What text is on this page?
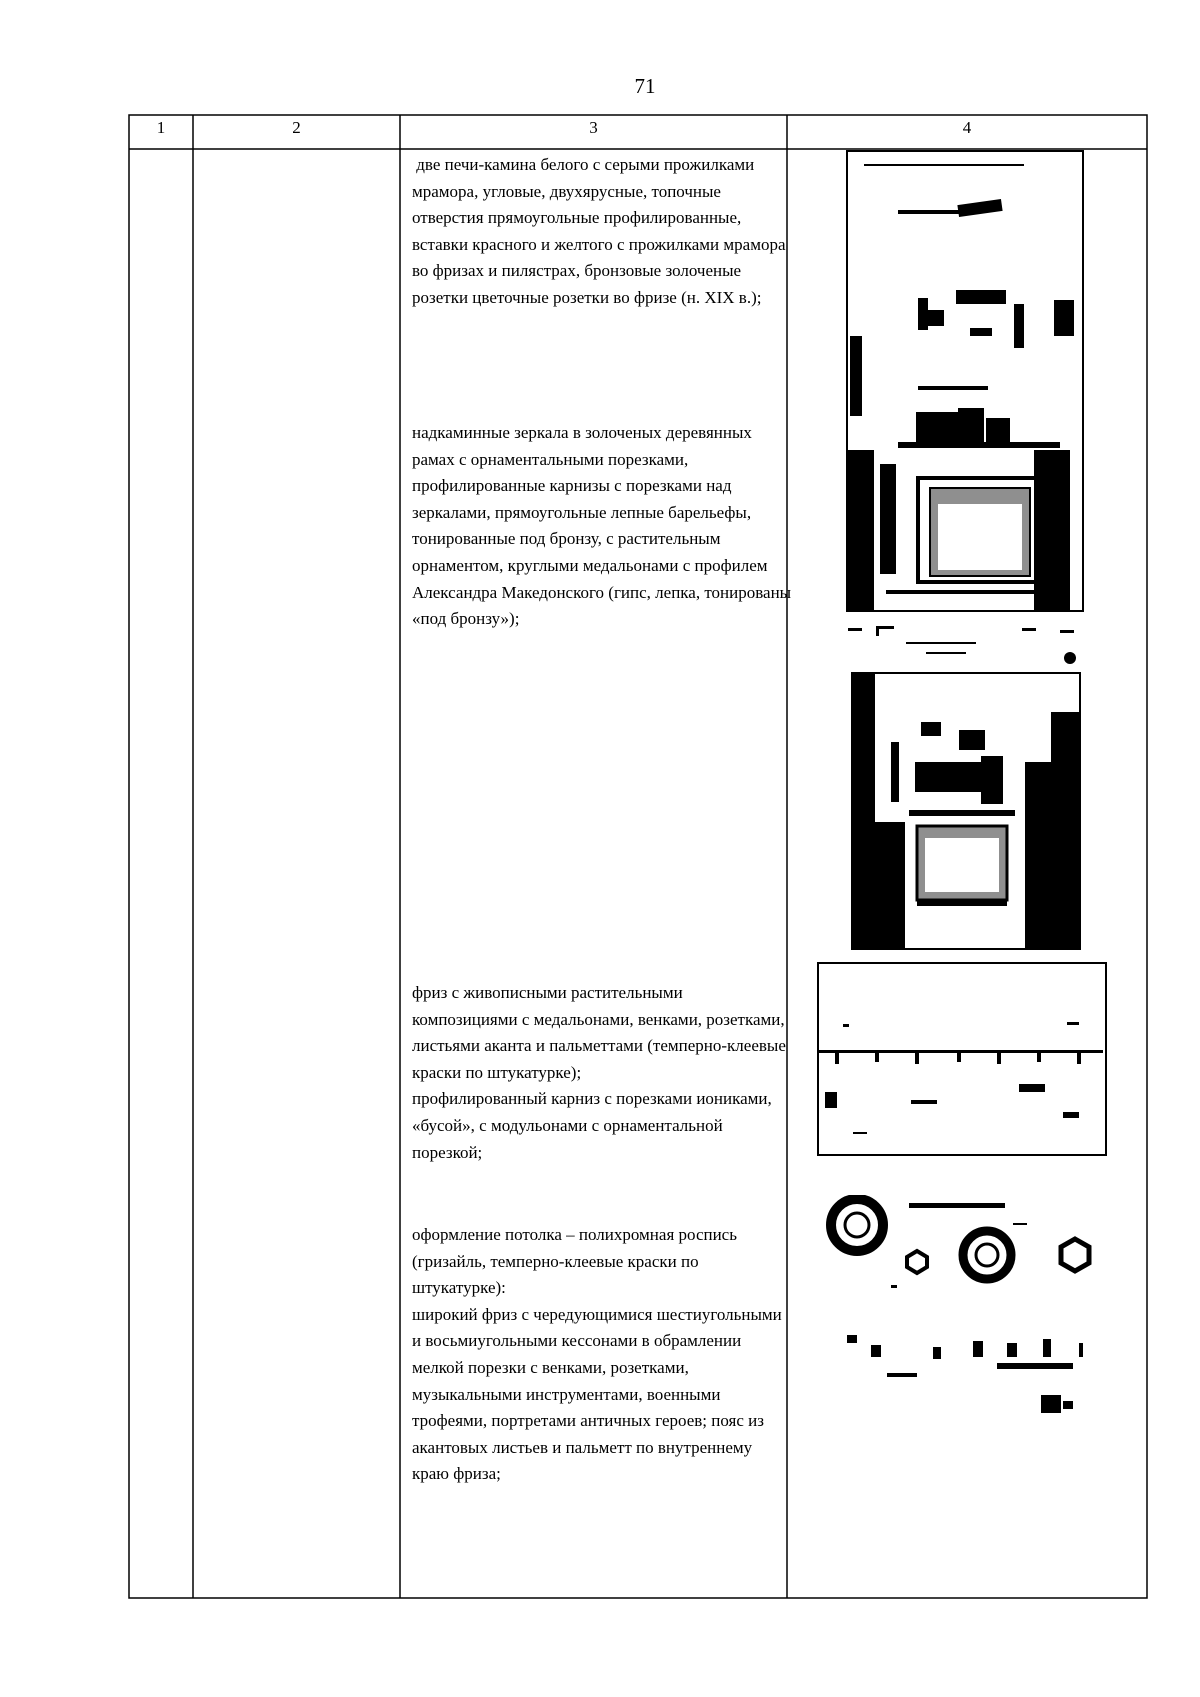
71
1	2	3	4

две печи-камина белого с серыми прожилками мрамора, угловые, двухярусные, топочные отверстия прямоугольные профилированные, вставки красного и желтого с прожилками мрамора во фризах и пилястрах, бронзовые золоченые розетки цветочные розетки во фризе (н. XIX в.);

надкаминные зеркала в золоченых деревянных рамах с орнаментальными порезками, профилированные карнизы с порезками над зеркалами, прямоугольные лепные барельефы, тонированные под бронзу, с растительным орнаментом, круглыми медальонами с профилем Александра Македонского (гипс, лепка, тонированы «под бронзу»);

фриз с живописными растительными композициями с медальонами, венками, розетками, листьями аканта и пальметтами (темперно-клеевые краски по штукатурке);
профилированный карниз с порезками иониками, «бусой», с модульонами с орнаментальной порезкой;

оформление потолка – полихромная роспись (гризайль, темперно-клеевые краски по штукатурке):
широкий фриз с чередующимися шестиугольными и восьмиугольными кессонами в обрамлении мелкой порезки с венками, розетками, музыкальными инструментами, военными трофеями, портретами античных героев; пояс из акантовых листьев и пальметт по внутреннему краю фриза;
